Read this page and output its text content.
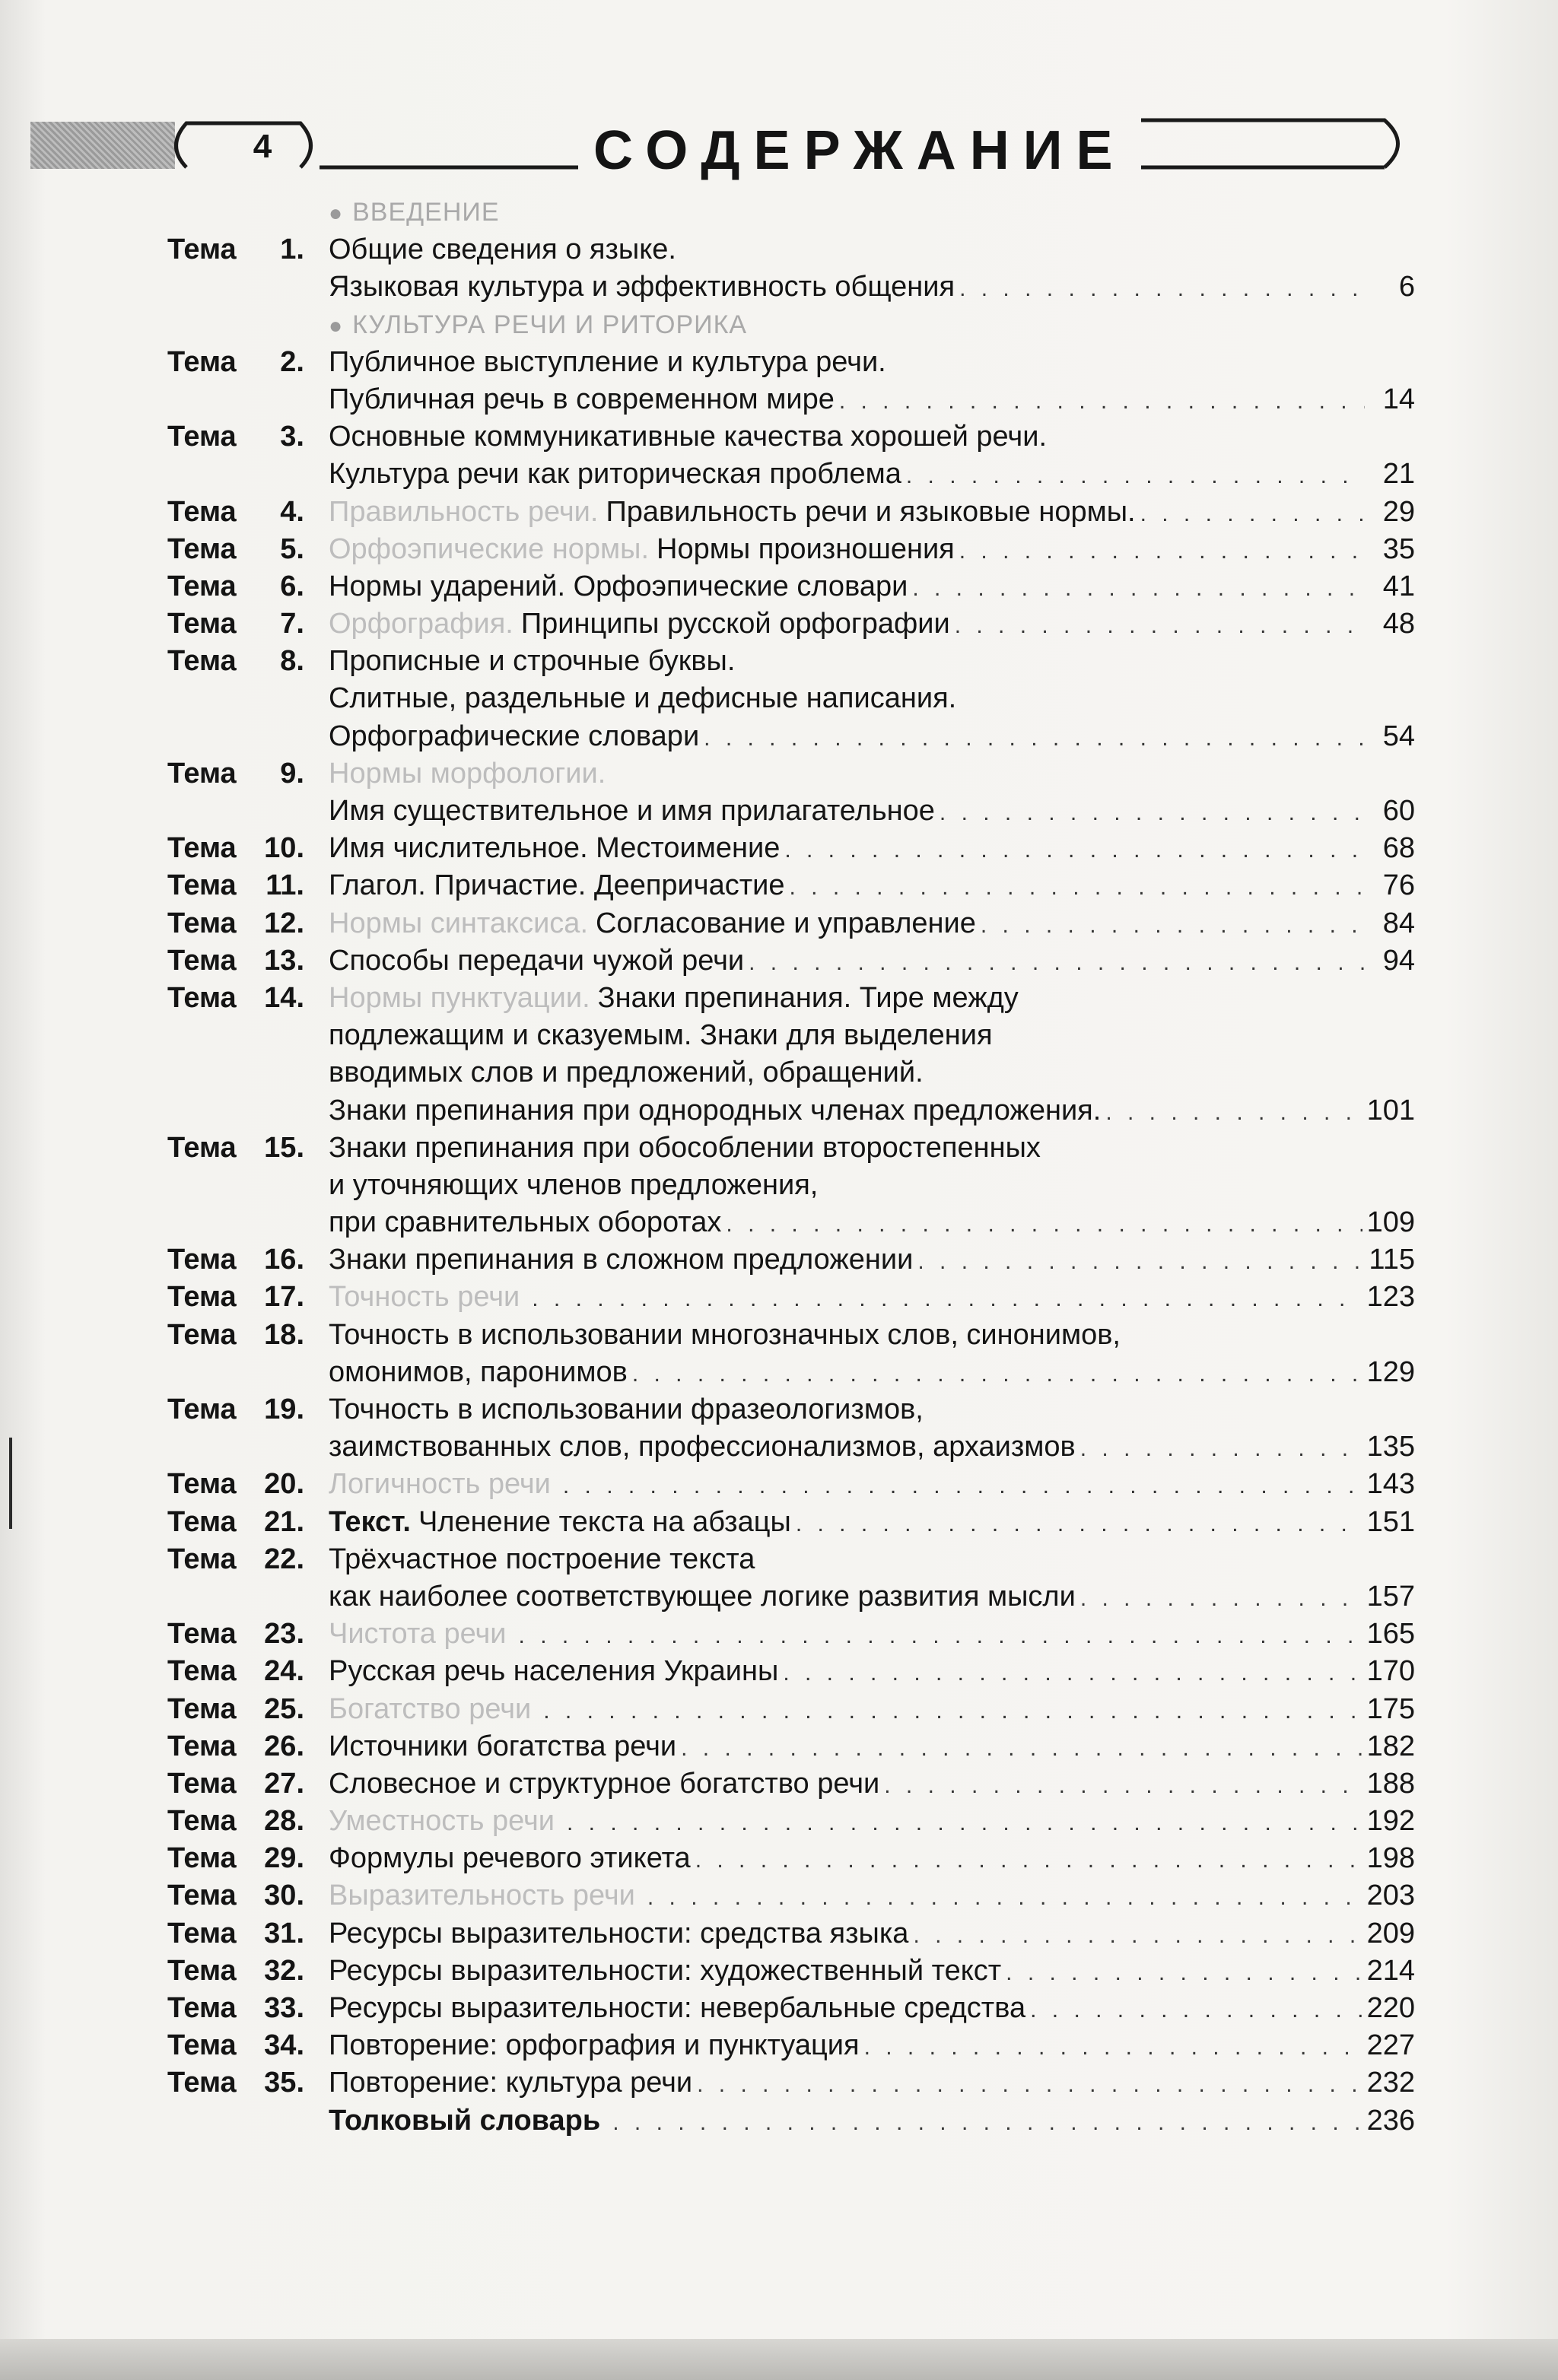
4	СОДЕРЖАНИЕ
● ВВЕДЕНИЕ
Тема 1. Общие сведения о языке.
Языковая культура и эффективность общения . . .	6
● КУЛЬТУРА РЕЧИ И РИТОРИКА
Тема 2. Публичное выступление и культура речи.
Публичная речь в современном мире . . .	14
Тема 3. Основные коммуникативные качества хорошей речи.
Культура речи как риторическая проблема . . .	21
Тема 4. Правильность речи. Правильность речи и языковые нормы. . . .	29
Тема 5. Орфоэпические нормы. Нормы произношения . . .	35
Тема 6. Нормы ударений. Орфоэпические словари . . .	41
Тема 7. Орфография. Принципы русской орфографии . . .	48
Тема 8. Прописные и строчные буквы.
Слитные, раздельные и дефисные написания.
Орфографические словари . . .	54
Тема 9. Нормы морфологии.
Имя существительное и имя прилагательное . . .	60
Тема 10. Имя числительное. Местоимение . . .	68
Тема 11. Глагол. Причастие. Деепричастие . . .	76
Тема 12. Нормы синтаксиса. Согласование и управление . . .	84
Тема 13. Способы передачи чужой речи . . .	94
Тема 14. Нормы пунктуации. Знаки препинания. Тире между
подлежащим и сказуемым. Знаки для выделения
вводимых слов и предложений, обращений.
Знаки препинания при однородных членах предложения. . . .	101
Тема 15. Знаки препинания при обособлении второстепенных
и уточняющих членов предложения,
при сравнительных оборотах . . .	109
Тема 16. Знаки препинания в сложном предложении . . .	115
Тема 17. Точность речи . . .	123
Тема 18. Точность в использовании многозначных слов, синонимов,
омонимов, паронимов . . .	129
Тема 19. Точность в использовании фразеологизмов,
заимствованных слов, профессионализмов, архаизмов . . .	135
Тема 20. Логичность речи . . .	143
Тема 21. Текст. Членение текста на абзацы . . .	151
Тема 22. Трёхчастное построение текста
как наиболее соответствующее логике развития мысли . . .	157
Тема 23. Чистота речи . . .	165
Тема 24. Русская речь населения Украины . . .	170
Тема 25. Богатство речи . . .	175
Тема 26. Источники богатства речи . . .	182
Тема 27. Словесное и структурное богатство речи . . .	188
Тема 28. Уместность речи . . .	192
Тема 29. Формулы речевого этикета . . .	198
Тема 30. Выразительность речи . . .	203
Тема 31. Ресурсы выразительности: средства языка . . .	209
Тема 32. Ресурсы выразительности: художественный текст . . .	214
Тема 33. Ресурсы выразительности: невербальные средства . . .	220
Тема 34. Повторение: орфография и пунктуация . . .	227
Тема 35. Повторение: культура речи . . .	232
Толковый словарь . . .	236
